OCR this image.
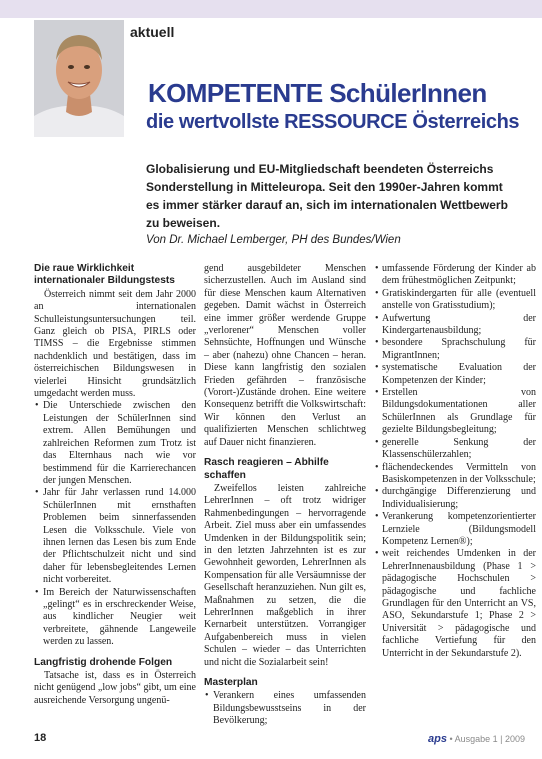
aktuell
KOMPETENTE SchülerInnen
die wertvollste RESSOURCE Österreichs

Globalisierung und EU-Mitgliedschaft beendeten Österreichs Sonderstellung in Mitteleuropa. Seit den 1990er-Jahren kommt es immer stärker darauf an, sich im internationalen Wettbewerb zu beweisen.

Von Dr. Michael Lemberger, PH des Bundes/Wien
Die raue Wirklichkeit internationaler Bildungstests

Österreich nimmt seit dem Jahr 2000 an internationalen Schulleistungsuntersuchungen teil. Ganz gleich ob PISA, PIRLS oder TIMSS – die Ergebnisse stimmen nachdenklich und bestätigen, dass im österreichischen Bildungswesen in vielerlei Hinsicht grundsätzlich umgedacht werden muss.

• Die Unterschiede zwischen den Leistungen der SchülerInnen sind extrem. Allen Bemühungen und zahlreichen Reformen zum Trotz ist das Elternhaus nach wie vor bestimmend für die Karrierechancen der jungen Menschen.
• Jahr für Jahr verlassen rund 14.000 SchülerInnen mit ernsthaften Problemen beim sinnerfassenden Lesen die Volksschule. Viele von ihnen lernen das Lesen bis zum Ende der Pflichtschulzeit nicht und sind daher für lebensbegleitendes Lernen nicht vorbereitet.
• Im Bereich der Naturwissenschaften „gelingt“ es in erschreckender Weise, aus kindlicher Neugier weit verbreitete, gähnende Langeweile werden zu lassen.
Langfristig drohende Folgen

Tatsache ist, dass es in Österreich nicht genügend „low jobs“ gibt, um eine ausreichende Versorgung ungenü-

gend ausgebildeter Menschen sicherzustellen. Auch im Ausland sind für diese Menschen kaum Alternativen gegeben. Damit wächst in Österreich eine immer größer werdende Gruppe „verlorener“ Menschen voller Sehnsüchte, Hoffnungen und Wünsche – aber (nahezu) ohne Chancen – heran. Diese kann langfristig den sozialen Frieden gefährden – französische (Vorort-)Zustände drohen. Eine weitere Konsequenz betrifft die Volkswirtschaft: Wir können den Verlust an qualifizierten Menschen schlichtweg auf Dauer nicht finanzieren.

Rasch reagieren – Abhilfe schaffen

Zweifellos leisten zahlreiche LehrerInnen – oft trotz widriger Rahmenbedingungen – hervorragende Arbeit. Ziel muss aber ein umfassendes Umdenken in der Bildungspolitik sein; in den letzten Jahrzehnten ist es zur Gewohnheit geworden, LehrerInnen als Kompensation für alle Versäumnisse der Gesellschaft heranzuziehen. Nun gilt es, Maßnahmen zu setzen, die die LehrerInnen maßgeblich in ihrer Kernarbeit unterstützen. Vorrangiger Aufgabenbereich muss in vielen Schulen – wieder – das Unterrichten und nicht die Sozialarbeit sein!

Masterplan
• Verankern eines umfassenden Bildungsbewusstseins in der Bevölkerung;
• umfassende Förderung der Kinder ab dem frühestmöglichen Zeitpunkt;
• Gratiskindergarten für alle (eventuell anstelle von Gratisstudium);
• Aufwertung der Kindergartenausbildung;
• besondere Sprachschulung für MigrantInnen;
• systematische Evaluation der Kompetenzen der Kinder;
• Erstellen von Bildungsdokumentationen aller SchülerInnen als Grundlage für gezielte Bildungsbegleitung;
• generelle Senkung der Klassenschülerzahlen;
• flächendeckendes Vermitteln von Basiskompetenzen in der Volksschule;
• durchgängige Differenzierung und Individualisierung;
• Verankerung kompetenzorientierter Lernziele (Bildungsmodell Kompetenz Lernen®);
• weit reichendes Umdenken in der LehrerInnenausbildung (Phase 1 > pädagogische Hochschulen > pädagogische und fachliche Grundlagen für den Unterricht an VS, ASO, Sekundarstufe 1; Phase 2 > Universität > pädagogische und fachliche Vertiefung für den Unterricht in der Sekundarstufe 2).
18	aps • Ausgabe 1 | 2009
